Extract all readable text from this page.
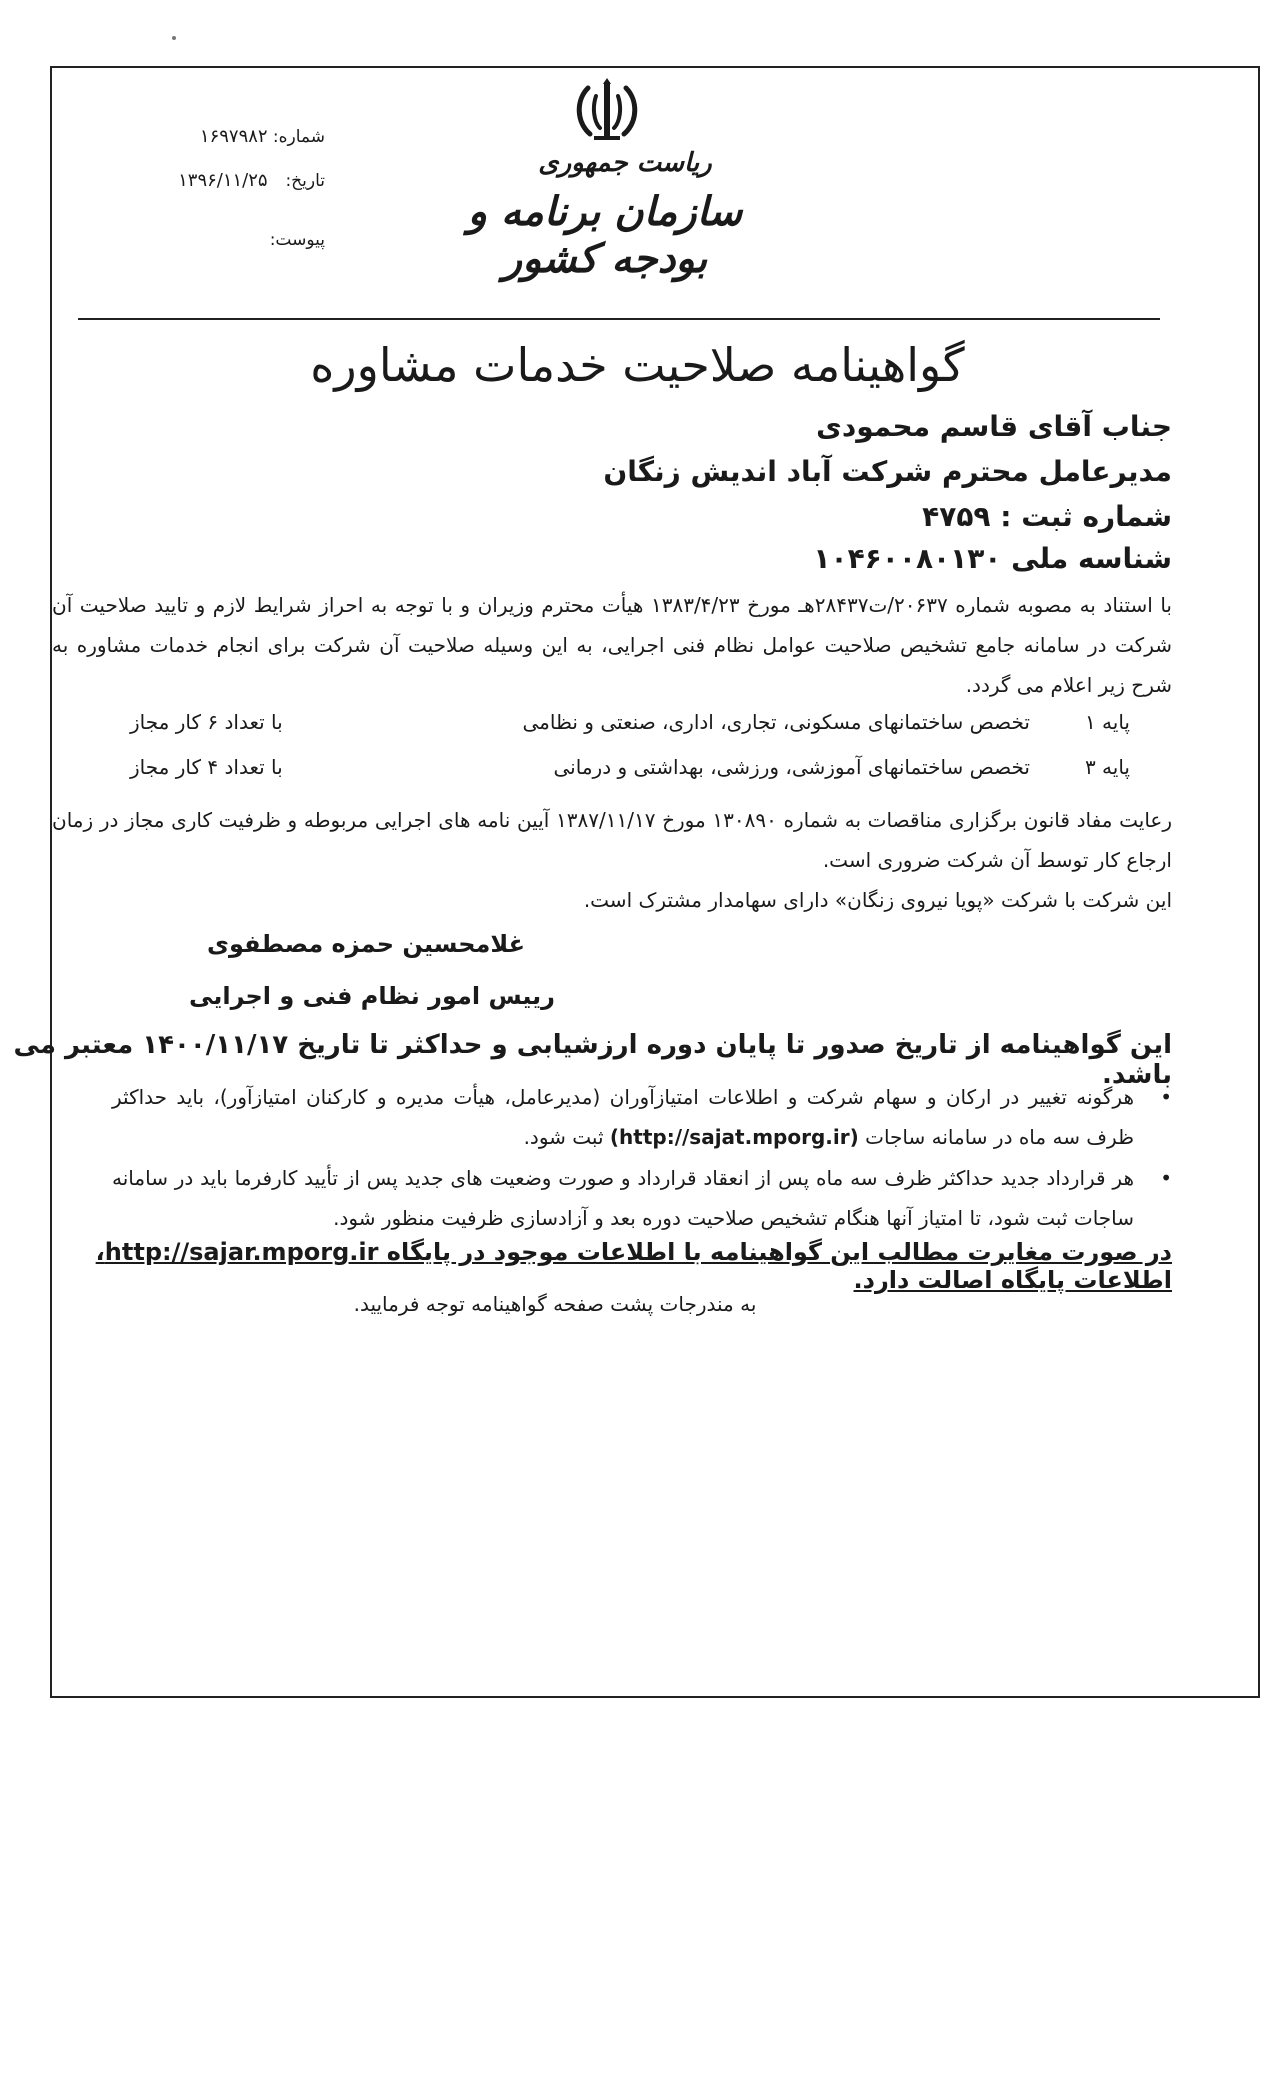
شماره: ۱۶۹۷۹۸۲
تاریخ: ۱۳۹۶/۱۱/۲۵
پیوست:
ریاست جمهوری
سازمان برنامه و بودجه کشور
گواهینامه صلاحیت خدمات مشاوره
جناب آقای قاسم محمودی
مدیرعامل محترم شرکت آباد اندیش زنگان
شماره ثبت : ۴۷۵۹
شناسه ملی ۱۰۴۶۰۰۸۰۱۳۰
با استناد به مصوبه شماره ۲۰۶۳۷/ت۲۸۴۳۷هـ مورخ ۱۳۸۳/۴/۲۳ هیأت محترم وزیران و با توجه به احراز شرایط لازم و تایید صلاحیت آن شرکت در سامانه جامع تشخیص صلاحیت عوامل نظام فنی اجرایی، به این وسیله صلاحیت آن شرکت برای انجام خدمات مشاوره به شرح زیر اعلام می گردد.
پایه ۱
تخصص ساختمانهای مسکونی، تجاری، اداری، صنعتی و نظامی
با تعداد ۶ کار مجاز
پایه ۳
تخصص ساختمانهای آموزشی، ورزشی، بهداشتی و درمانی
با تعداد ۴ کار مجاز
رعایت مفاد قانون برگزاری مناقصات به شماره ۱۳۰۸۹۰ مورخ ۱۳۸۷/۱۱/۱۷ آیین نامه های اجرایی مربوطه و ظرفیت کاری مجاز در زمان ارجاع کار توسط آن شرکت ضروری است.
این شرکت با شرکت «پویا نیروی زنگان» دارای سهامدار مشترک است.
غلامحسین حمزه مصطفوی
رییس امور نظام فنی و اجرایی
این گواهینامه از تاریخ صدور تا پایان دوره ارزشیابی و حداکثر تا تاریخ ۱۴۰۰/۱۱/۱۷ معتبر می باشد.
•
هرگونه تغییر در ارکان و سهام شرکت و اطلاعات امتیازآوران (مدیرعامل، هیأت مدیره و کارکنان امتیازآور)، باید حداکثر ظرف سه ماه در سامانه ساجات (http://sajat.mporg.ir) ثبت شود.
•
هر قرارداد جدید حداکثر ظرف سه ماه پس از انعقاد قرارداد و صورت وضعیت های جدید پس از تأیید کارفرما باید در سامانه ساجات ثبت شود، تا امتیاز آنها هنگام تشخیص صلاحیت دوره بعد و آزادسازی ظرفیت منظور شود.
در صورت مغایرت مطالب این گواهینامه با اطلاعات موجود در پایگاه http://sajar.mporg.ir، اطلاعات پایگاه اصالت دارد.
به مندرجات پشت صفحه گواهینامه توجه فرمایید.
